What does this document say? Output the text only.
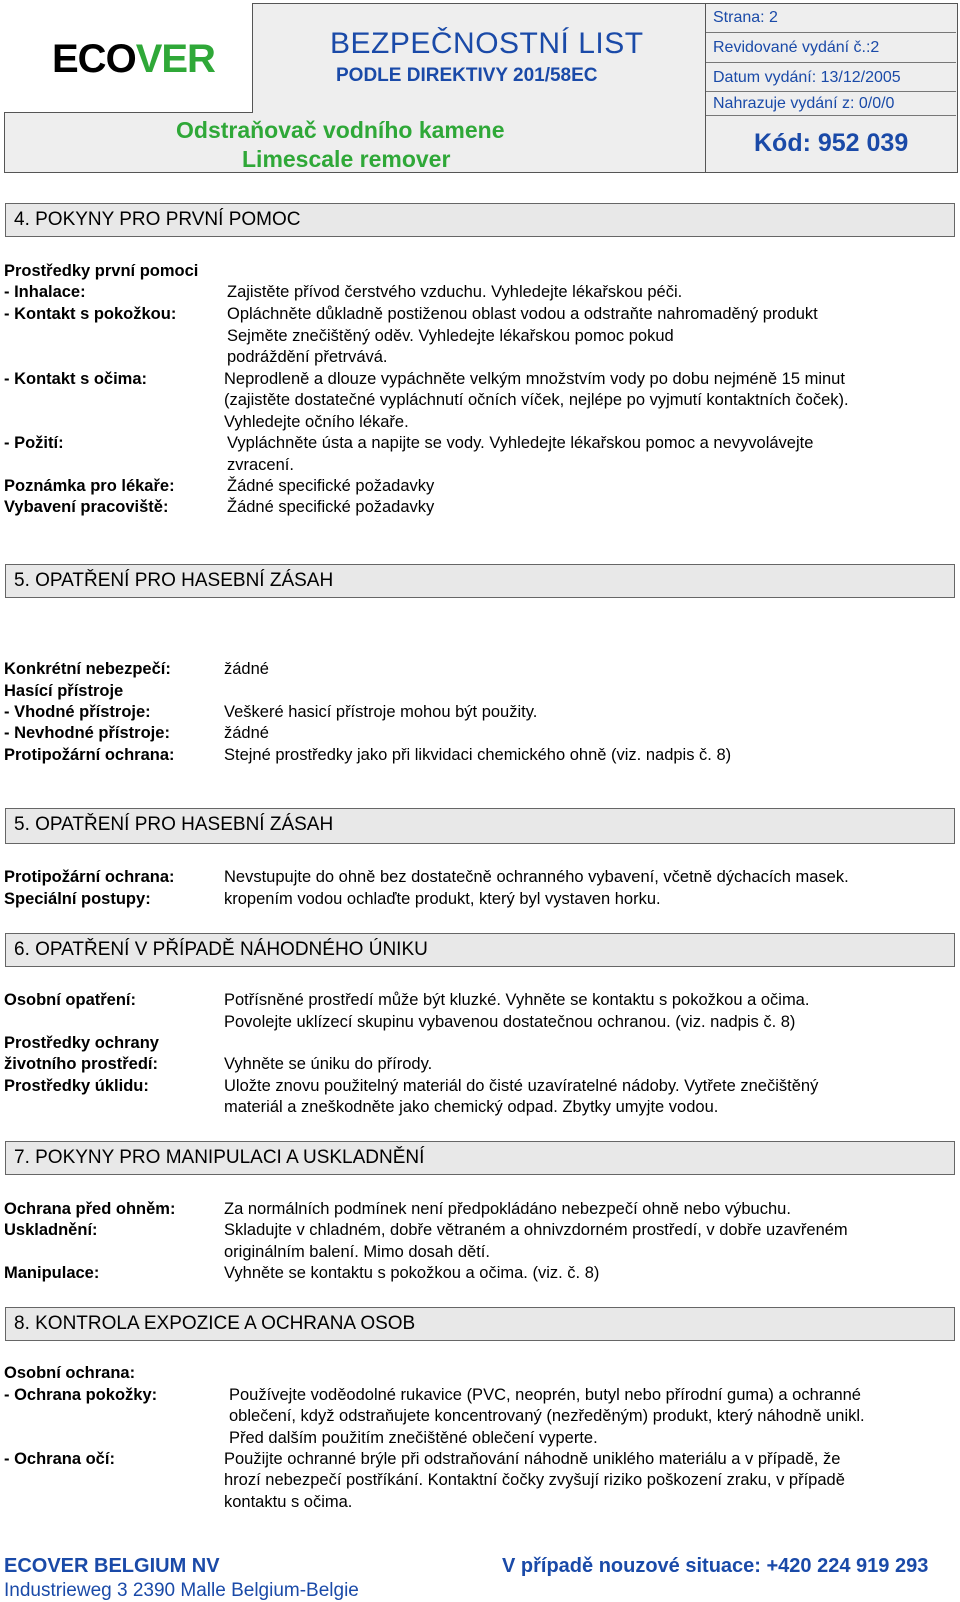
ECOVER	BEZPEČNOSTNÍ LIST
PODLE DIREKTIVY 201/58EC
Odstraňovač vodního kamene
Limescale remover
Strana: 2
Revidované vydání č.:2
Datum vydání: 13/12/2005
Nahrazuje vydání z: 0/0/0
Kód: 952 039
4. POKYNY PRO PRVNÍ POMOC
Prostředky první pomoci
- Inhalace:	Zajistěte přívod čerstvého vzduchu. Vyhledejte lékařskou péči.
- Kontakt s pokožkou:	Opláchněte důkladně postiženou oblast vodou a odstraňte nahromaděný produkt
Sejměte znečištěný oděv. Vyhledejte lékařskou pomoc pokud
podráždění přetrvává.
- Kontakt s očima:	Neprodleně a dlouze vypáchněte velkým množstvím vody po dobu nejméně 15 minut
(zajistěte dostatečné vypláchnutí očních víček, nejlépe po vyjmutí kontaktních čoček).
Vyhledejte očního lékaře.
- Požití:	Vypláchněte ústa a napijte se vody. Vyhledejte lékařskou pomoc a nevyvolávejte
zvracení.
Poznámka pro lékaře:	Žádné specifické požadavky
Vybavení pracoviště:	Žádné specifické požadavky
5. OPATŘENÍ PRO HASEBNÍ ZÁSAH
Konkrétní nebezpečí:	žádné
Hasící přístroje
- Vhodné přístroje:	Veškeré hasicí přístroje mohou být použity.
- Nevhodné přístroje:	žádné
Protipožární ochrana:	Stejné prostředky jako při likvidaci chemického ohně (viz. nadpis č. 8)
5. OPATŘENÍ PRO HASEBNÍ ZÁSAH
Protipožární ochrana:	Nevstupujte do ohně bez dostatečně ochranného vybavení, včetně dýchacích masek.
Speciální postupy:	kropením vodou ochlaďte produkt, který byl vystaven horku.
6. OPATŘENÍ V PŘÍPADĚ NÁHODNÉHO ÚNIKU
Osobní opatření:	Potřísněné prostředí může být kluzké. Vyhněte se kontaktu s pokožkou a očima.
Povolejte uklízecí skupinu vybavenou dostatečnou ochranou. (viz. nadpis č. 8)
Prostředky ochrany
životního prostředí:	Vyhněte se úniku do přírody.
Prostředky úklidu:	Uložte znovu použitelný materiál do čisté uzavíratelné nádoby. Vytřete znečištěný
materiál a zneškodněte jako chemický odpad. Zbytky umyjte vodou.
7. POKYNY PRO MANIPULACI A USKLADNĚNÍ
Ochrana před ohněm:	Za normálních podmínek není předpokládáno nebezpečí ohně nebo výbuchu.
Uskladnění:	Skladujte v chladném, dobře větraném a ohnivzdorném prostředí, v dobře uzavřeném
originálním balení. Mimo dosah dětí.
Manipulace:	Vyhněte se kontaktu s pokožkou a očima. (viz. č. 8)
8. KONTROLA EXPOZICE A OCHRANA OSOB
Osobní ochrana:
- Ochrana pokožky:	Používejte voděodolné rukavice (PVC, neoprén, butyl nebo přírodní guma) a ochranné
oblečení, když odstraňujete koncentrovaný (nezředěným) produkt, který náhodně unikl.
Před dalším použitím znečištěné oblečení vyperte.
- Ochrana očí:	Použijte ochranné brýle při odstraňování náhodně uniklého materiálu a v případě, že
hrozí nebezpečí postříkání. Kontaktní čočky zvyšují riziko poškození zraku, v případě
kontaktu s očima.
ECOVER BELGIUM NV	V případě nouzové situace: +420 224 919 293
Industrieweg 3 2390 Malle Belgium-Belgie
